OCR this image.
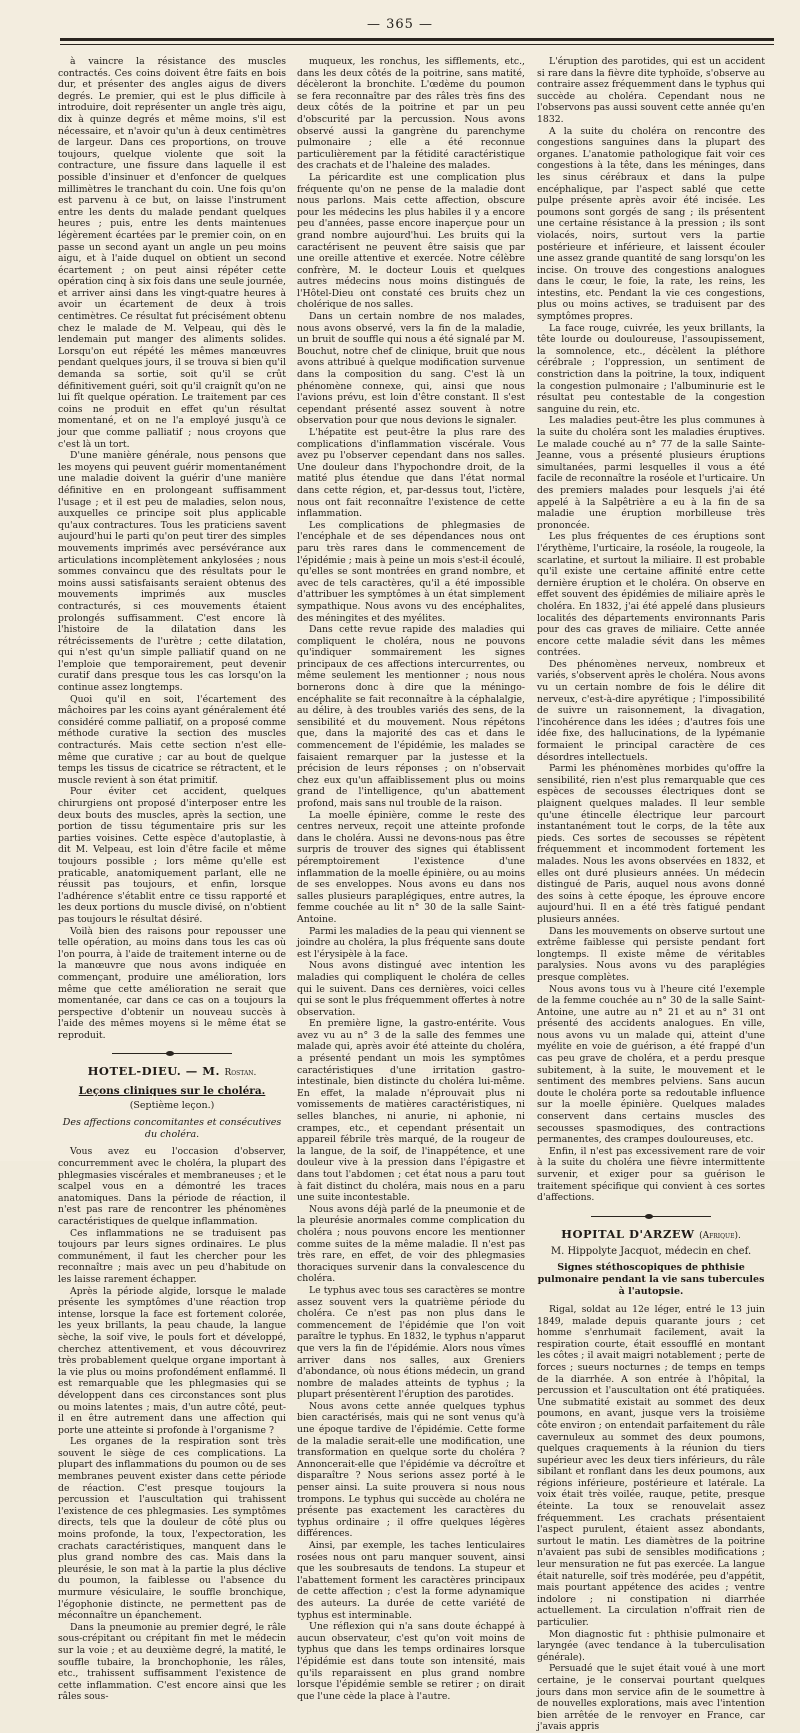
— 365 —

à vaincre la résistance des muscles contractés. Ces coins doivent être faits en bois dur, et présenter des angles aigus de divers degrés. Le premier, qui est le plus difficile à introduire, doit représenter un angle très aigu, dix à quinze degrés et même moins, s'il est nécessaire, et n'avoir qu'un à deux centimètres de largeur. Dans ces proportions, on trouve toujours, quelque violente que soit la contracture, une fissure dans laquelle il est possible d'insinuer et d'enfoncer de quelques millimètres le tranchant du coin. Une fois qu'on est parvenu à ce but, on laisse l'instrument entre les dents du malade pendant quelques heures ; puis, entre les dents maintenues légèrement écartées par le premier coin, on en passe un second ayant un angle un peu moins aigu, et à l'aide duquel on obtient un second écartement ; on peut ainsi répéter cette opération cinq à six fois dans une seule journée, et arriver ainsi dans les vingt-quatre heures à avoir un écartement de deux à trois centimètres. Ce résultat fut précisément obtenu chez le malade de M. Velpeau, qui dès le lendemain put manger des aliments solides. Lorsqu'on eut répété les mêmes manœuvres pendant quelques jours, il se trouva si bien qu'il demanda sa sortie, soit qu'il se crût définitivement guéri, soit qu'il craignît qu'on ne lui fît quelque opération. Le traitement par ces coins ne produit en effet qu'un résultat momentané, et on ne l'a employé jusqu'à ce jour que comme palliatif ; nous croyons que c'est là un tort.

D'une manière générale, nous pensons que les moyens qui peuvent guérir momentanément une maladie doivent la guérir d'une manière définitive en en prolongeant suffisamment l'usage ; et il est peu de maladies, selon nous, auxquelles ce principe soit plus applicable qu'aux contractures. Tous les praticiens savent aujourd'hui le parti qu'on peut tirer des simples mouvements imprimés avec persévérance aux articulations incomplètement ankylosées ; nous sommes convaincu que des résultats pour le moins aussi satisfaisants seraient obtenus des mouvements imprimés aux muscles contracturés, si ces mouvements étaient prolongés suffisamment. C'est encore là l'histoire de la dilatation dans les rétrécissements de l'urètre ; cette dilatation, qui n'est qu'un simple palliatif quand on ne l'emploie que temporairement, peut devenir curatif dans presque tous les cas lorsqu'on la continue assez longtemps.

Quoi qu'il en soit, l'écartement des mâchoires par les coins ayant généralement été considéré comme palliatif, on a proposé comme méthode curative la section des muscles contracturés. Mais cette section n'est elle-même que curative ; car au bout de quelque temps les tissus de cicatrice se rétractent, et le muscle revient à son état primitif.

Pour éviter cet accident, quelques chirurgiens ont proposé d'interposer entre les deux bouts des muscles, après la section, une portion de tissu tégumentaire pris sur les parties voisines. Cette espèce d'autoplastie, à dit M. Velpeau, est loin d'être facile et même toujours possible ; lors même qu'elle est praticable, anatomiquement parlant, elle ne réussit pas toujours, et enfin, lorsque l'adhérence s'établit entre ce tissu rapporté et les deux portions du muscle divisé, on n'obtient pas toujours le résultat désiré.

Voilà bien des raisons pour repousser une telle opération, au moins dans tous les cas où l'on pourra, à l'aide de traitement interne ou de la manœuvre que nous avons indiquée en commençant, produire une amélioration, lors même que cette amélioration ne serait que momentanée, car dans ce cas on a toujours la perspective d'obtenir un nouveau succès à l'aide des mêmes moyens si le même état se reproduit.

HOTEL-DIEU. — M. Rostan.
Leçons cliniques sur le choléra.
(Septième leçon.)
Des affections concomitantes et consécutives du choléra.

Vous avez eu l'occasion d'observer, concurremment avec le choléra, la plupart des phlegmasies viscérales et membraneuses ; et le scalpel vous en a démontré les traces anatomiques. Dans la période de réaction, il n'est pas rare de rencontrer les phénomènes caractéristiques de quelque inflammation.

Ces inflammations ne se traduisent pas toujours par leurs signes ordinaires. Le plus communément, il faut les chercher pour les reconnaître ; mais avec un peu d'habitude on les laisse rarement échapper.

Après la période algide, lorsque le malade présente les symptômes d'une réaction trop intense, lorsque la face est fortement colorée, les yeux brillants, la peau chaude, la langue sèche, la soif vive, le pouls fort et développé, cherchez attentivement, et vous découvrirez très probablement quelque organe important à la vie plus ou moins profondément enflammé. Il est remarquable que les phlegmasies qui se développent dans ces circonstances sont plus ou moins latentes ; mais, d'un autre côté, peut-il en être autrement dans une affection qui porte une atteinte si profonde à l'organisme ?

Les organes de la respiration sont très souvent le siège de ces complications. La plupart des inflammations du poumon ou de ses membranes peuvent exister dans cette période de réaction. C'est presque toujours la percussion et l'auscultation qui trahissent l'existence de ces phlegmasies. Les symptômes directs, tels que la douleur de côté plus ou moins profonde, la toux, l'expectoration, les crachats caractéristiques, manquent dans le plus grand nombre des cas. Mais dans la pleurésie, le son mat à la partie la plus déclive du poumon, la faiblesse ou l'absence du murmure vésiculaire, le souffle bronchique, l'égophonie distincte, ne permettent pas de méconnaître un épanchement.

Dans la pneumonie au premier degré, le râle sous-crépitant ou crépitant fin met le médecin sur la voie ; et au deuxième degré, la matité, le souffle tubaire, la bronchophonie, les râles, etc., trahissent suffisamment l'existence de cette inflammation. C'est encore ainsi que les râles sous-

muqueux, les ronchus, les sifflements, etc., dans les deux côtés de la poitrine, sans matité, décèleront la bronchite. L'œdème du poumon se fera reconnaître par des râles très fins des deux côtés de la poitrine et par un peu d'obscurité par la percussion. Nous avons observé aussi la gangrène du parenchyme pulmonaire ; elle a été reconnue particulièrement par la fétidité caractéristique des crachats et de l'haleine des malades.

La péricardite est une complication plus fréquente qu'on ne pense de la maladie dont nous parlons. Mais cette affection, obscure pour les médecins les plus habiles il y a encore peu d'années, passe encore inaperçue pour un grand nombre aujourd'hui. Les bruits qui la caractérisent ne peuvent être saisis que par une oreille attentive et exercée. Notre célèbre confrère, M. le docteur Louis et quelques autres médecins nous moins distingués de l'Hôtel-Dieu ont constaté ces bruits chez un cholérique de nos salles.

Dans un certain nombre de nos malades, nous avons observé, vers la fin de la maladie, un bruit de souffle qui nous a été signalé par M. Bouchut, notre chef de clinique, bruit que nous avons attribué à quelque modification survenue dans la composition du sang. C'est là un phénomène connexe, qui, ainsi que nous l'avions prévu, est loin d'être constant. Il s'est cependant présenté assez souvent à notre observation pour que nous devions le signaler.

L'hépatite est peut-être la plus rare des complications d'inflammation viscérale. Vous avez pu l'observer cependant dans nos salles. Une douleur dans l'hypochondre droit, de la matité plus étendue que dans l'état normal dans cette région, et, par-dessus tout, l'ictère, nous ont fait reconnaître l'existence de cette inflammation.

Les complications de phlegmasies de l'encéphale et de ses dépendances nous ont paru très rares dans le commencement de l'épidémie ; mais à peine un mois s'est-il écoulé, qu'elles se sont montrées en grand nombre, et avec de tels caractères, qu'il a été impossible d'attribuer les symptômes à un état simplement sympathique. Nous avons vu des encéphalites, des méningites et des myélites.

Dans cette revue rapide des maladies qui compliquent le choléra, nous ne pouvons qu'indiquer sommairement les signes principaux de ces affections intercurrentes, ou même seulement les mentionner ; nous nous bornerons donc à dire que la méningo-encéphalite se fait reconnaître à la céphalalgie, au délire, à des troubles variés des sens, de la sensibilité et du mouvement. Nous répétons que, dans la majorité des cas et dans le commencement de l'épidémie, les malades se faisaient remarquer par la justesse et la précision de leurs réponses ; on n'observait chez eux qu'un affaiblissement plus ou moins grand de l'intelligence, qu'un abattement profond, mais sans nul trouble de la raison.

La moelle épinière, comme le reste des centres nerveux, reçoit une atteinte profonde dans le choléra. Aussi ne devons-nous pas être surpris de trouver des signes qui établissent péremptoirement l'existence d'une inflammation de la moelle épinière, ou au moins de ses enveloppes. Nous avons eu dans nos salles plusieurs paraplégiques, entre autres, la femme couchée au lit n° 30 de la salle Saint-Antoine.

Parmi les maladies de la peau qui viennent se joindre au choléra, la plus fréquente sans doute est l'érysipèle à la face.

Nous avons distingué avec intention les maladies qui compliquent le choléra de celles qui le suivent. Dans ces dernières, voici celles qui se sont le plus fréquemment offertes à notre observation.

En première ligne, la gastro-entérite. Vous avez vu au n° 3 de la salle des femmes une malade qui, après avoir été atteinte du choléra, a présenté pendant un mois les symptômes caractéristiques d'une irritation gastro-intestinale, bien distincte du choléra lui-même. En effet, la malade n'éprouvait plus ni vomissements de matières caractéristiques, ni selles blanches, ni anurie, ni aphonie, ni crampes, etc., et cependant présentait un appareil fébrile très marqué, de la rougeur de la langue, de la soif, de l'inappétence, et une douleur vive à la pression dans l'épigastre et dans tout l'abdomen ; cet état nous a paru tout à fait distinct du choléra, mais nous en a paru une suite incontestable.

Nous avons déjà parlé de la pneumonie et de la pleurésie anormales comme complication du choléra ; nous pouvons encore les mentionner comme suites de la même maladie. Il n'est pas très rare, en effet, de voir des phlegmasies thoraciques survenir dans la convalescence du choléra.

Le typhus avec tous ses caractères se montre assez souvent vers la quatrième période du choléra. Ce n'est pas non plus dans le commencement de l'épidémie que l'on voit paraître le typhus. En 1832, le typhus n'apparut que vers la fin de l'épidémie. Alors nous vîmes arriver dans nos salles, aux Greniers d'abondance, où nous étions médecin, un grand nombre de malades atteints de typhus ; la plupart présentèrent l'éruption des parotides.

Nous avons cette année quelques typhus bien caractérisés, mais qui ne sont venus qu'à une époque tardive de l'épidémie. Cette forme de la maladie serait-elle une modification, une transformation en quelque sorte du choléra ? Annoncerait-elle que l'épidémie va décroître et disparaître ? Nous serions assez porté à le penser ainsi. La suite prouvera si nous nous trompons. Le typhus qui succède au choléra ne présente pas exactement les caractères du typhus ordinaire ; il offre quelques légères différences.

Ainsi, par exemple, les taches lenticulaires rosées nous ont paru manquer souvent, ainsi que les soubresauts de tendons. La stupeur et l'abattement forment les caractères principaux de cette affection ; c'est la forme adynamique des auteurs. La durée de cette variété de typhus est interminable.

Une réflexion qui n'a sans doute échappé à aucun observateur, c'est qu'on voit moins de typhus que dans les temps ordinaires lorsque l'épidémie est dans toute son intensité, mais qu'ils reparaissent en plus grand nombre lorsque l'épidémie semble se retirer ; on dirait que l'une cède la place à l'autre.

L'éruption des parotides, qui est un accident si rare dans la fièvre dite typhoïde, s'observe au contraire assez fréquemment dans le typhus qui succède au choléra. Cependant nous ne l'observons pas aussi souvent cette année qu'en 1832.

A la suite du choléra on rencontre des congestions sanguines dans la plupart des organes. L'anatomie pathologique fait voir ces congestions à la tête, dans les méninges, dans les sinus cérébraux et dans la pulpe encéphalique, par l'aspect sablé que cette pulpe présente après avoir été incisée. Les poumons sont gorgés de sang ; ils présentent une certaine résistance à la pression ; ils sont violacés, noirs, surtout vers la partie postérieure et inférieure, et laissent écouler une assez grande quantité de sang lorsqu'on les incise. On trouve des congestions analogues dans le cœur, le foie, la rate, les reins, les intestins, etc. Pendant la vie ces congestions, plus ou moins actives, se traduisent par des symptômes propres.

La face rouge, cuivrée, les yeux brillants, la tête lourde ou douloureuse, l'assoupissement, la somnolence, etc., décèlent la pléthore cérébrale ; l'oppression, un sentiment de constriction dans la poitrine, la toux, indiquent la congestion pulmonaire ; l'albuminurie est le résultat peu contestable de la congestion sanguine du rein, etc.

Les maladies peut-être les plus communes à la suite du choléra sont les maladies éruptives. Le malade couché au n° 77 de la salle Sainte-Jeanne, vous a présenté plusieurs éruptions simultanées, parmi lesquelles il vous a été facile de reconnaître la roséole et l'urticaire. Un des premiers malades pour lesquels j'ai été appelé à la Salpêtrière a eu à la fin de sa maladie une éruption morbilleuse très prononcée.

Les plus fréquentes de ces éruptions sont l'érythème, l'urticaire, la roséole, la rougeole, la scarlatine, et surtout la miliaire. Il est probable qu'il existe une certaine affinité entre cette dernière éruption et le choléra. On observe en effet souvent des épidémies de miliaire après le choléra. En 1832, j'ai été appelé dans plusieurs localités des départements environnants Paris pour des cas graves de miliaire. Cette année encore cette maladie sévit dans les mêmes contrées.

Des phénomènes nerveux, nombreux et variés, s'observent après le choléra. Nous avons vu un certain nombre de fois le délire dit nerveux, c'est-à-dire apyrétique ; l'impossibilité de suivre un raisonnement, la divagation, l'incohérence dans les idées ; d'autres fois une idée fixe, des hallucinations, de la lypémanie formaient le principal caractère de ces désordres intellectuels.

Parmi les phénomènes morbides qu'offre la sensibilité, rien n'est plus remarquable que ces espèces de secousses électriques dont se plaignent quelques malades. Il leur semble qu'une étincelle électrique leur parcourt instantanément tout le corps, de la tête aux pieds. Ces sortes de secousses se répètent fréquemment et incommodent fortement les malades. Nous les avons observées en 1832, et elles ont duré plusieurs années. Un médecin distingué de Paris, auquel nous avons donné des soins à cette époque, les éprouve encore aujourd'hui. Il en a été très fatigué pendant plusieurs années.

Dans les mouvements on observe surtout une extrême faiblesse qui persiste pendant fort longtemps. Il existe même de véritables paralysies. Nous avons vu des paraplégies presque complètes.

Nous avons tous vu à l'heure cité l'exemple de la femme couchée au n° 30 de la salle Saint-Antoine, une autre au n° 21 et au n° 31 ont présenté des accidents analogues. En ville, nous avons vu un malade qui, atteint d'une myélite en voie de guérison, a été frappé d'un cas peu grave de choléra, et a perdu presque subitement, à la suite, le mouvement et le sentiment des membres pelviens. Sans aucun doute le choléra porte sa redoutable influence sur la moelle épinière. Quelques malades conservent dans certains muscles des secousses spasmodiques, des contractions permanentes, des crampes douloureuses, etc.

Enfin, il n'est pas excessivement rare de voir à la suite du choléra une fièvre intermittente survenir, et exiger pour sa guérison le traitement spécifique qui convient à ces sortes d'affections.

HOPITAL D'ARZEW (Afrique).
M. Hippolyte Jacquot, médecin en chef.
Signes stéthoscopiques de phthisie pulmonaire pendant la vie sans tubercules à l'autopsie.

Rigal, soldat au 12e léger, entré le 13 juin 1849, malade depuis quarante jours ; cet homme s'enrhumait facilement, avait la respiration courte, était essoufflé en montant les côtes ; il avait maigri notablement ; perte de forces ; sueurs nocturnes ; de temps en temps de la diarrhée. A son entrée à l'hôpital, la percussion et l'auscultation ont été pratiquées. Une submatité existait au sommet des deux poumons, en avant, jusque vers la troisième côte environ ; on entendait parfaitement du râle cavernuleux au sommet des deux poumons, quelques craquements à la réunion du tiers supérieur avec les deux tiers inférieurs, du râle sibilant et ronflant dans les deux poumons, aux régions inférieure, postérieure et latérale. La voix était très voilée, rauque, petite, presque éteinte. La toux se renouvelait assez fréquemment. Les crachats présentaient l'aspect purulent, étaient assez abondants, surtout le matin. Les diamètres de la poitrine n'avaient pas subi de sensibles modifications ; leur mensuration ne fut pas exercée. La langue était naturelle, soif très modérée, peu d'appétit, mais pourtant appétence des acides ; ventre indolore ; ni constipation ni diarrhée actuellement. La circulation n'offrait rien de particulier.

Mon diagnostic fut : phthisie pulmonaire et laryngée (avec tendance à la tuberculisation générale).

Persuadé que le sujet était voué à une mort certaine, je le conservai pourtant quelques jours dans mon service afin de le soumettre à de nouvelles explorations, mais avec l'intention bien arrêtée de le renvoyer en France, car j'avais appris
